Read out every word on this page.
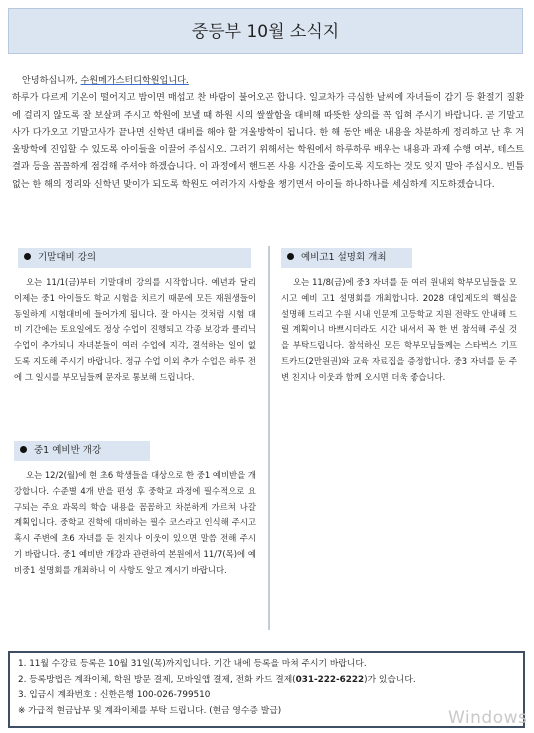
중등부 10월 소식지

안녕하십니까, 수원메가스터디학원입니다.
하루가 다르게 기온이 떨어지고 밤이면 매섭고 찬 바람이 불어오곤 합니다. 일교차가 극심한 날씨에 자녀들이 감기 등 환절기 질환에 걸리지 않도록 잘 보살펴 주시고 학원에 보낼 때 하원 시의 쌀쌀함을 대비해 따뜻한 상의를 꼭 입혀 주시기 바랍니다. 곧 기말고사가 다가오고 기말고사가 끝나면 신학년 대비를 해야 할 겨울방학이 됩니다. 한 해 동안 배운 내용을 차분하게 정리하고 난 후 겨울방학에 진입할 수 있도록 아이들을 이끌어 주십시오. 그러기 위해서는 학원에서 하루하루 배우는 내용과 과제 수행 여부, 테스트 결과 등을 꼼꼼하게 점검해 주셔야 하겠습니다. 이 과정에서 핸드폰 사용 시간을 줄이도록 지도하는 것도 잊지 말아 주십시오. 빈틈없는 한 해의 정리와 신학년 맞이가 되도록 학원도 여러가지 사항을 챙기면서 아이들 하나하나를 세심하게 지도하겠습니다.

기말대비 강의

오는 11/1(금)부터 기말대비 강의를 시작합니다. 예년과 달리 이제는 중1 아이들도 학교 시험을 치르기 때문에 모든 재원생들이 동일하게 시험대비에 들어가게 됩니다. 잘 아시는 것처럼 시험 대비 기간에는 토요일에도 정상 수업이 진행되고 각종 보강과 클리닉 수업이 추가되니 자녀분들이 여러 수업에 지각, 결석하는 일이 없도록 지도해 주시기 바랍니다. 정규 수업 이외 추가 수업은 하루 전에 그 일시를 부모님들께 문자로 통보해 드립니다.

중1 예비반 개강

오는 12/2(월)에 현 초6 학생들을 대상으로 한 중1 예비반을 개강합니다. 수준별 4개 반을 편성 후 중학교 과정에 필수적으로 요구되는 주요 과목의 학습 내용을 꼼꼼하고 차분하게 가르쳐 나갈 계획입니다. 중학교 진학에 대비하는 필수 코스라고 인식해 주시고 혹시 주변에 초6 자녀를 둔 친지나 이웃이 있으면 말씀 전해 주시기 바랍니다. 중1 예비반 개강과 관련하여 본원에서 11/7(목)에 예비중1 설명회를 개최하니 이 사항도 알고 계시기 바랍니다.

예비고1 설명회 개최

오는 11/8(금)에 중3 자녀를 둔 여러 원내외 학부모님들을 모시고 예비 고1 설명회를 개최합니다. 2028 대입제도의 핵심을 설명해 드리고 수원 시내 인문계 고등학교 지원 전략도 안내해 드릴 계획이니 바쁘시더라도 시간 내셔서 꼭 한 번 참석해 주실 것을 부탁드립니다. 참석하신 모든 학부모님들께는 스타벅스 기프트카드(2만원권)와 교육 자료집을 증정합니다. 중3 자녀를 둔 주변 친지나 이웃과 함께 오시면 더욱 좋습니다.

1. 11월 수강료 등록은 10월 31일(목)까지입니다. 기간 내에 등록을 마쳐 주시기 바랍니다.
2. 등록방법은 계좌이체, 학원 방문 결제, 모바일앱 결제, 전화 카드 결제(031-222-6222)가 있습니다.
3. 입금시 계좌번호 : 신한은행 100-026-799510
※ 가급적 현금납부 및 계좌이체를 부탁 드립니다. (현금 영수증 발급)	Windows
